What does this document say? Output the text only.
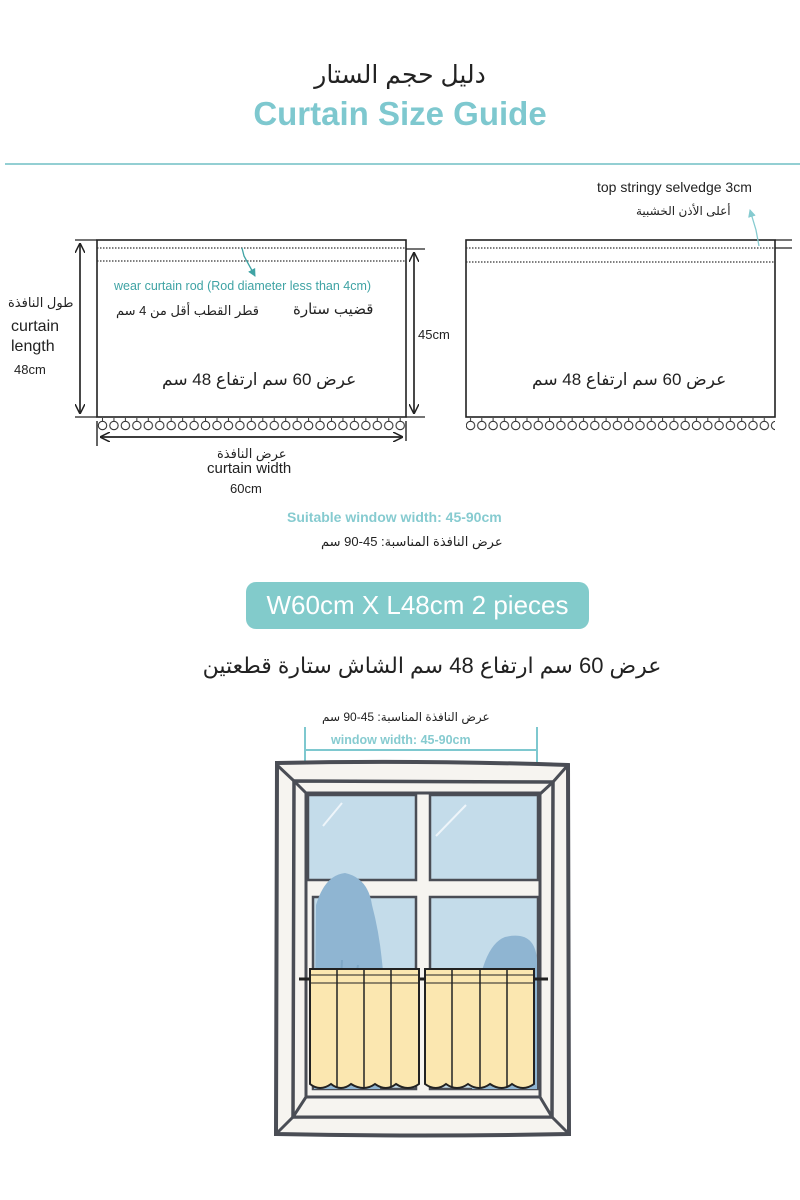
دليل حجم الستار
Curtain Size Guide
wear curtain rod (Rod diameter less than 4cm)
قضيب ستارة
قطر القطب أقل من 4 سم
عرض 60 سم ارتفاع 48 سم
طول النافذة
curtain
length
48cm
45cm
عرض النافذة
curtain width
60cm
top stringy selvedge 3cm
أعلى الأذن الخشبية
عرض 60 سم ارتفاع 48 سم
Suitable window width: 45-90cm
عرض النافذة المناسبة: 45-90 سم
W60cm X L48cm 2 pieces
عرض 60 سم ارتفاع 48 سم الشاش ستارة قطعتين
عرض النافذة المناسبة: 45-90 سم
window width: 45-90cm
